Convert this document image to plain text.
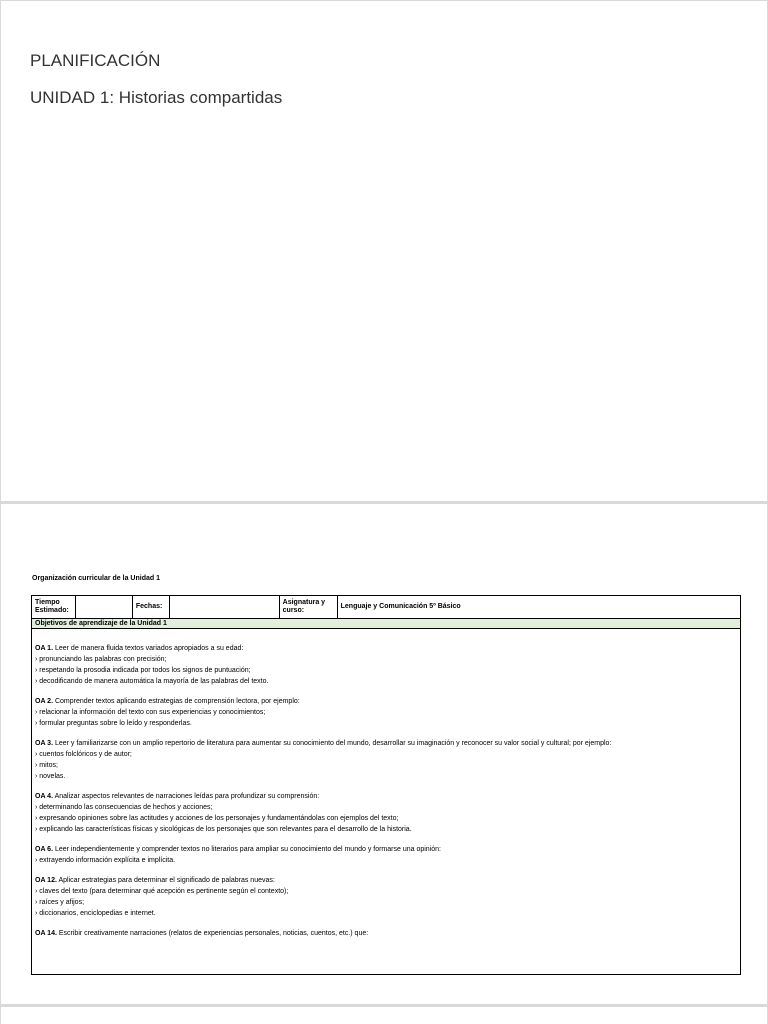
PLANIFICACIÓN
UNIDAD 1: Historias compartidas
Organización curricular de la Unidad 1
Tiempo Estimado:		Fechas:		Asignatura y curso:	Lenguaje y Comunicación 5º Básico
Objetivos de aprendizaje de la Unidad 1

OA 1. Leer de manera fluida textos variados apropiados a su edad:
› pronunciando las palabras con precisión;
› respetando la prosodia indicada por todos los signos de puntuación;
› decodificando de manera automática la mayoría de las palabras del texto.
OA 2. Comprender textos aplicando estrategias de comprensión lectora, por ejemplo:
› relacionar la información del texto con sus experiencias y conocimientos;
› formular preguntas sobre lo leído y responderlas.
OA 3. Leer y familiarizarse con un amplio repertorio de literatura para aumentar su conocimiento del mundo, desarrollar su imaginación y reconocer su valor social y cultural; por ejemplo:
› cuentos folclóricos y de autor;
› mitos;
› novelas.
OA 4. Analizar aspectos relevantes de narraciones leídas para profundizar su comprensión:
› determinando las consecuencias de hechos y acciones;
› expresando opiniones sobre las actitudes y acciones de los personajes y fundamentándolas con ejemplos del texto;
› explicando las características físicas y sicológicas de los personajes que son relevantes para el desarrollo de la historia.
OA 6. Leer independientemente y comprender textos no literarios para ampliar su conocimiento del mundo y formarse una opinión:
› extrayendo información explícita e implícita.
OA 12. Aplicar estrategias para determinar el significado de palabras nuevas:
› claves del texto (para determinar qué acepción es pertinente según el contexto);
› raíces y afijos;
› diccionarios, enciclopedias e internet.
OA 14. Escribir creativamente narraciones (relatos de experiencias personales, noticias, cuentos, etc.) que:
